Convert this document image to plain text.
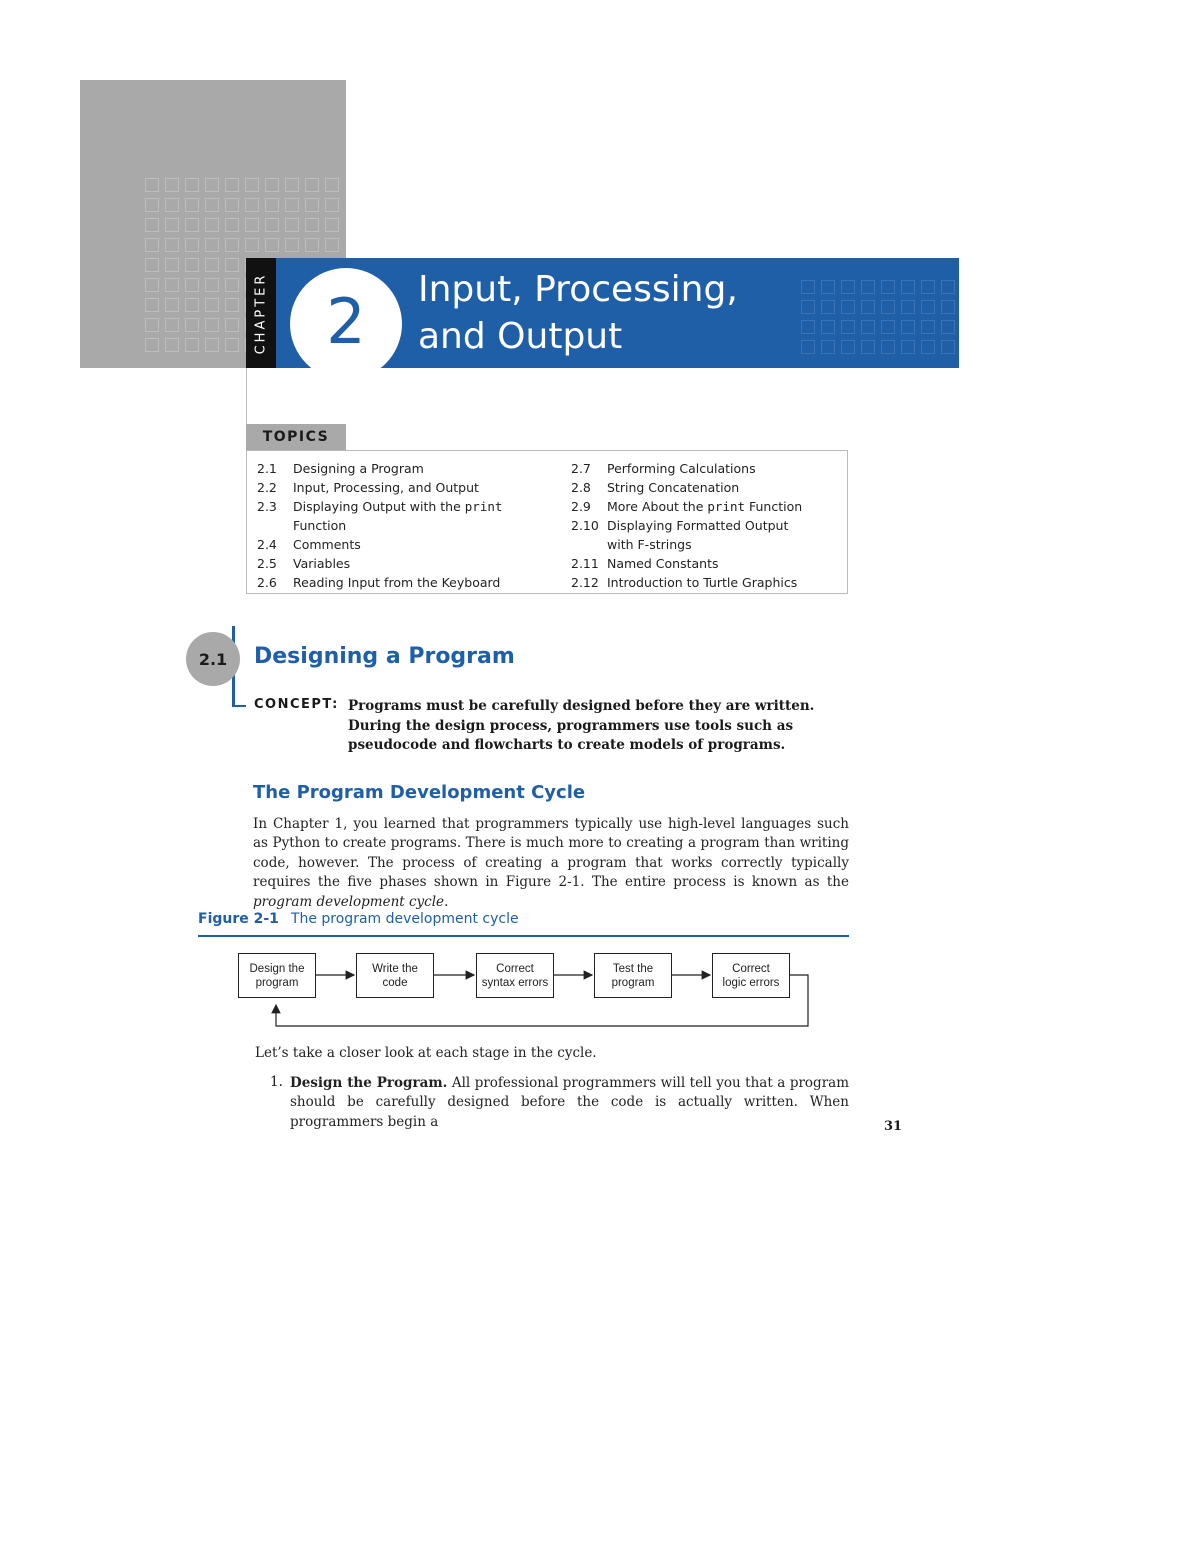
CHAPTER 2 Input, Processing,
and Output
TOPICS
2.1	Designing a Program
2.2	Input, Processing, and Output
2.3	Displaying Output with the print
Function
2.4	Comments
2.5	Variables
2.6	Reading Input from the Keyboard
2.7	Performing Calculations
2.8	String Concatenation
2.9	More About the print Function
2.10 Displaying Formatted Output
with F-strings
2.11 Named Constants
2.12 Introduction to Turtle Graphics
2.1 Designing a Program
CONCEPT: Programs must be carefully designed before they are written. During the design process, programmers use tools such as pseudocode and flowcharts to create models of programs.
The Program Development Cycle
In Chapter 1, you learned that programmers typically use high-level languages such as Python to create programs. There is much more to creating a program than writing code, however. The process of creating a program that works correctly typically requires the five phases shown in Figure 2-1. The entire process is known as the program development cycle.
Figure 2-1 The program development cycle
Design the
program
Write the
code
Correct
syntax errors
Test the
program
Correct
logic errors
Let’s take a closer look at each stage in the cycle.
1. Design the Program. All professional programmers will tell you that a program should be carefully designed before the code is actually written. When programmers begin a	31
